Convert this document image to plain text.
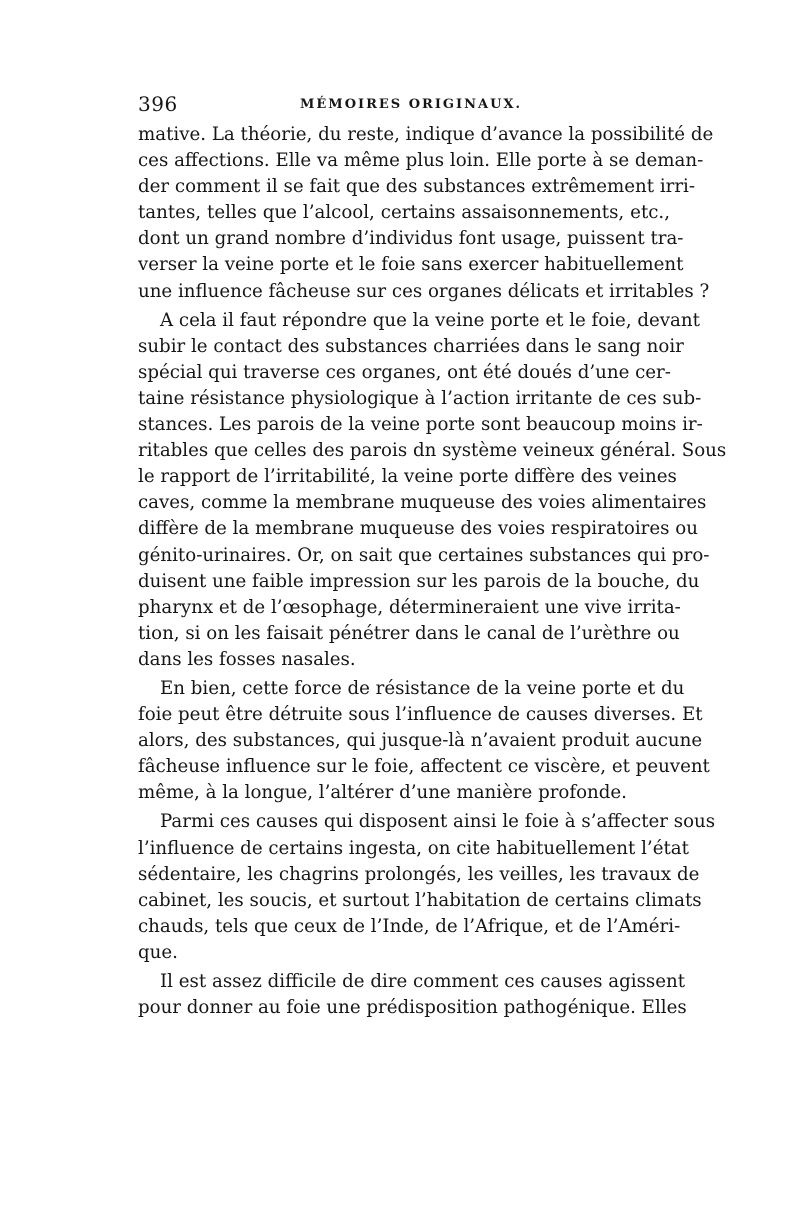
396	MÉMOIRES ORIGINAUX.

mative. La théorie, du reste, indique d’avance la possibilité de
ces affections. Elle va même plus loin. Elle porte à se deman-
der comment il se fait que des substances extrêmement irri-
tantes, telles que l’alcool, certains assaisonnements, etc.,
dont un grand nombre d’individus font usage, puissent tra-
verser la veine porte et le foie sans exercer habituellement
une influence fâcheuse sur ces organes délicats et irritables ?

A cela il faut répondre que la veine porte et le foie, devant
subir le contact des substances charriées dans le sang noir
spécial qui traverse ces organes, ont été doués d’une cer-
taine résistance physiologique à l’action irritante de ces sub-
stances. Les parois de la veine porte sont beaucoup moins ir-
ritables que celles des parois dn système veineux général. Sous
le rapport de l’irritabilité, la veine porte diffère des veines
caves, comme la membrane muqueuse des voies alimentaires
diffère de la membrane muqueuse des voies respiratoires ou
génito-urinaires. Or, on sait que certaines substances qui pro-
duisent une faible impression sur les parois de la bouche, du
pharynx et de l’œsophage, détermineraient une vive irrita-
tion, si on les faisait pénétrer dans le canal de l’urèthre ou
dans les fosses nasales.

En bien, cette force de résistance de la veine porte et du
foie peut être détruite sous l’influence de causes diverses. Et
alors, des substances, qui jusque-là n’avaient produit aucune
fâcheuse influence sur le foie, affectent ce viscère, et peuvent
même, à la longue, l’altérer d’une manière profonde.

Parmi ces causes qui disposent ainsi le foie à s’affecter sous
l’influence de certains ingesta, on cite habituellement l’état
sédentaire, les chagrins prolongés, les veilles, les travaux de
cabinet, les soucis, et surtout l’habitation de certains climats
chauds, tels que ceux de l’Inde, de l’Afrique, et de l’Améri-
que.

Il est assez difficile de dire comment ces causes agissent
pour donner au foie une prédisposition pathogénique. Elles
